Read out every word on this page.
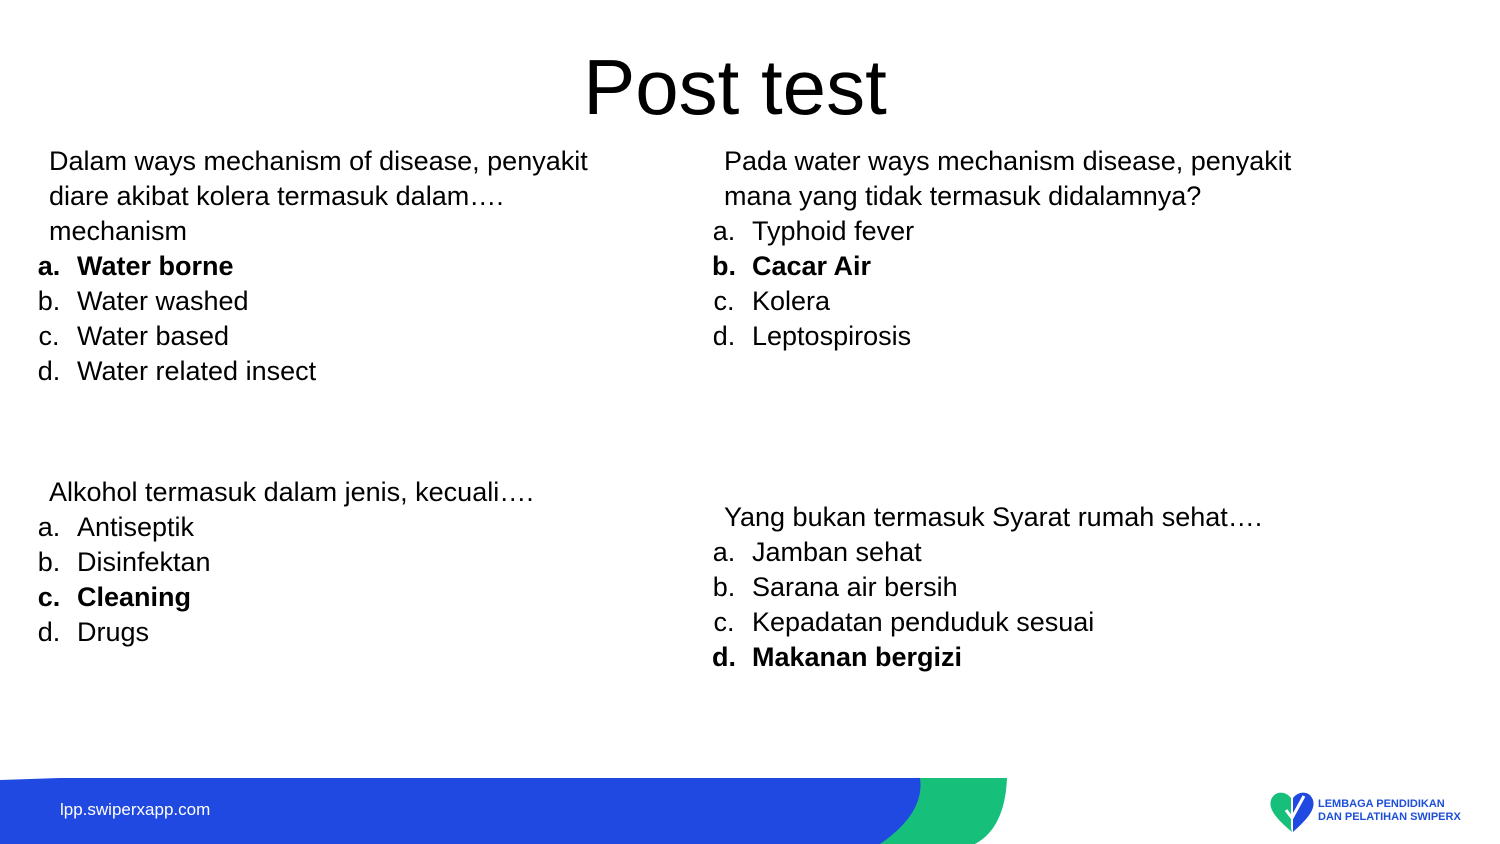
Post test

Dalam ways mechanism of disease, penyakit
diare akibat kolera termasuk dalam….
mechanism

a. Water borne
b. Water washed
c. Water based
d. Water related insect

Pada water ways mechanism disease, penyakit
mana yang tidak termasuk didalamnya?

a. Typhoid fever
b. Cacar Air
c. Kolera
d. Leptospirosis

Alkohol termasuk dalam jenis, kecuali….

a. Antiseptik
b. Disinfektan
c. Cleaning
d. Drugs

Yang bukan termasuk Syarat rumah sehat….

a. Jamban sehat
b. Sarana air bersih
c. Kepadatan penduduk sesuai
d. Makanan bergizi
lpp.swiperxapp.com	LEMBAGA PENDIDIKAN
DAN PELATIHAN SWIPERX
